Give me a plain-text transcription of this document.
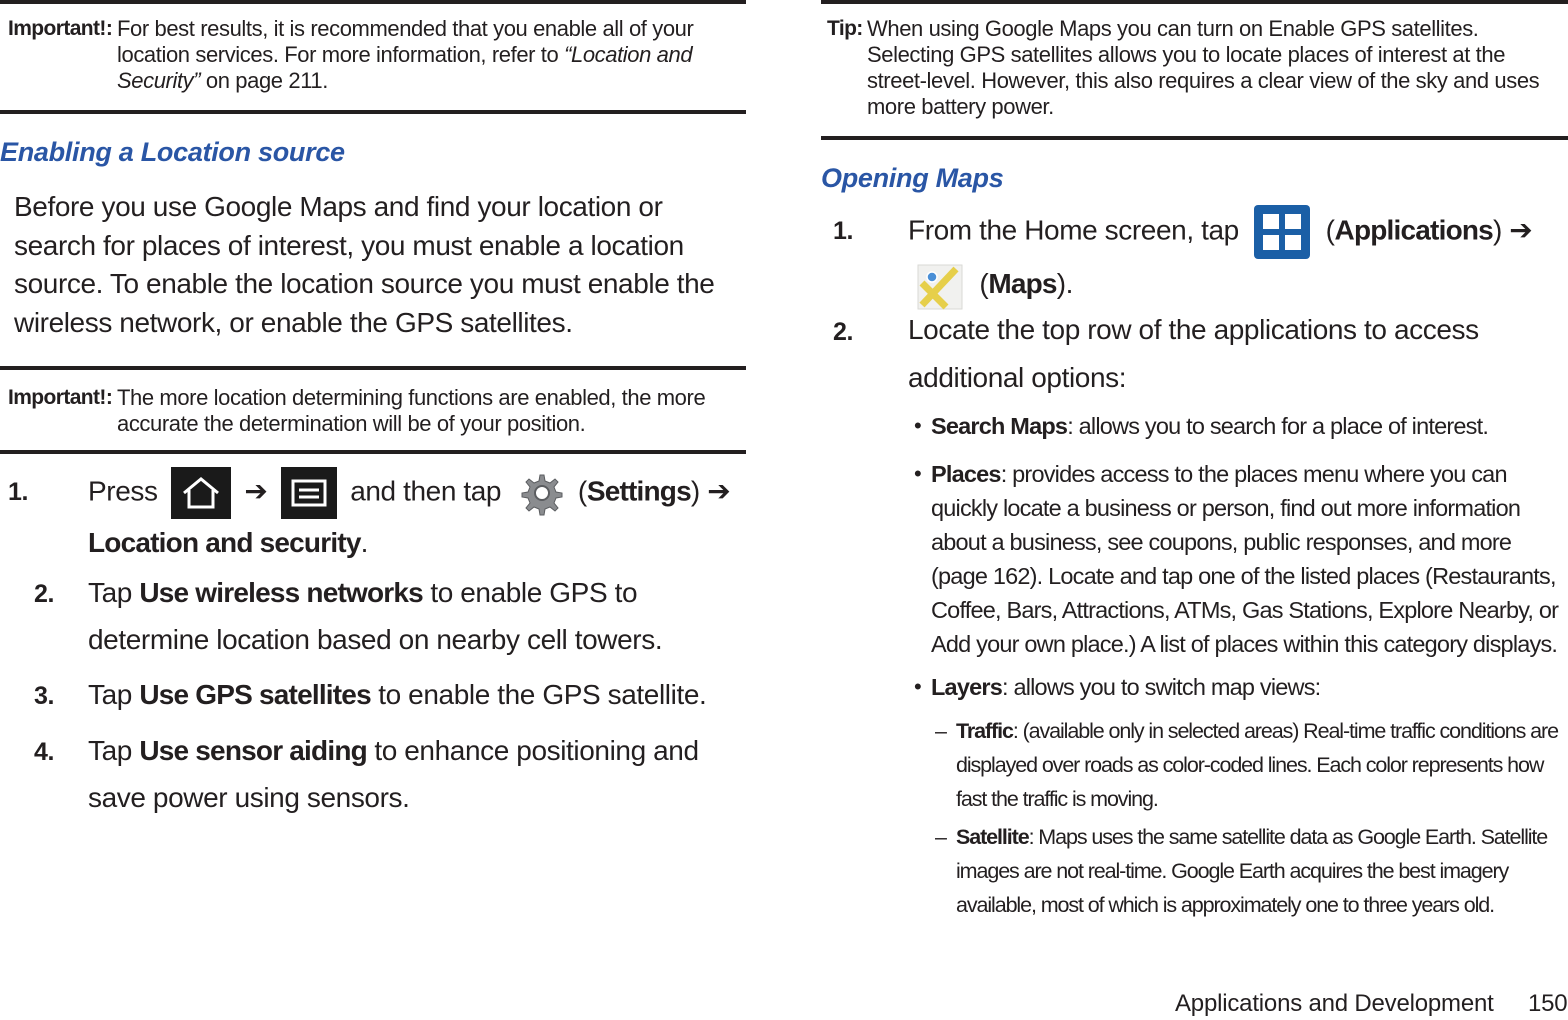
Important!: For best results, it is recommended that you enable all of your location services. For more information, refer to “Location and Security” on page 211.
Enabling a Location source
Before you use Google Maps and find your location or search for places of interest, you must enable a location source. To enable the location source you must enable the wireless network, or enable the GPS satellites.
Important!: The more location determining functions are enabled, the more accurate the determination will be of your position.
1. Press	➔	and then tap	(Settings) ➔
Location and security.
2. Tap Use wireless networks to enable GPS to determine location based on nearby cell towers.
3. Tap Use GPS satellites to enable the GPS satellite.
4. Tap Use sensor aiding to enhance positioning and save power using sensors.
Tip: When using Google Maps you can turn on Enable GPS satellites. Selecting GPS satellites allows you to locate places of interest at the street-level. However, this also requires a clear view of the sky and uses more battery power.
Opening Maps
1. From the Home screen, tap	(Applications) ➔
(Maps).
2. Locate the top row of the applications to access additional options:
• Search Maps: allows you to search for a place of interest.
• Places: provides access to the places menu where you can quickly locate a business or person, find out more information about a business, see coupons, public responses, and more (page 162). Locate and tap one of the listed places (Restaurants, Coffee, Bars, Attractions, ATMs, Gas Stations, Explore Nearby, or Add your own place.) A list of places within this category displays.
• Layers: allows you to switch map views:
– Traffic: (available only in selected areas) Real-time traffic conditions are displayed over roads as color-coded lines. Each color represents how fast the traffic is moving.
– Satellite: Maps uses the same satellite data as Google Earth. Satellite images are not real-time. Google Earth acquires the best imagery available, most of which is approximately one to three years old.
Applications and Development 150
